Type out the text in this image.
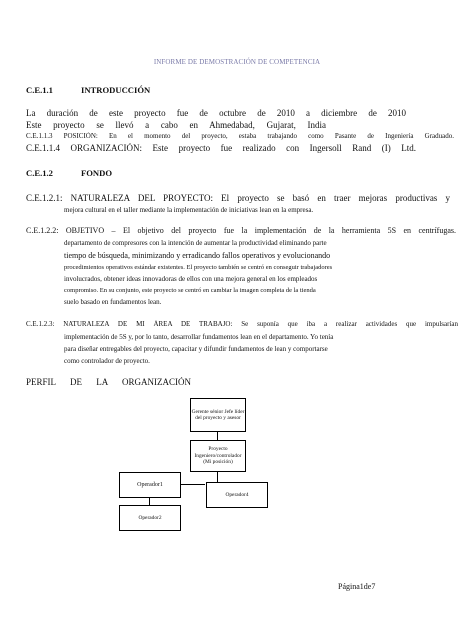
INFORME DE DEMOSTRACIÓN DE COMPETENCIA
C.E.1.1	INTRODUCCIÓN
La duración de este proyecto fue de octubre de 2010 a diciembre de 2010
Este proyecto se llevó a cabo en Ahmedabad, Gujarat, India
C.E.1.1.3 POSICIÓN: En el momento del proyecto, estaba trabajando como Pasante de Ingeniería Graduado.
C.E.1.1.4 ORGANIZACIÓN: Este proyecto fue realizado con Ingersoll Rand (I) Ltd.
C.E.1.2	FONDO
C.E.1.2.1: NATURALEZA DEL PROYECTO: El proyecto se basó en traer mejoras productivas y
mejora cultural en el taller mediante la implementación de iniciativas lean en la empresa.
C.E.1.2.2: OBJETIVO – El objetivo del proyecto fue la implementación de la herramienta 5S en centrífugas.
departamento de compresores con la intención de aumentar la productividad eliminando parte
tiempo de búsqueda, minimizando y erradicando fallos operativos y evolucionando
procedimientos operativos estándar existentes. El proyecto también se centró en conseguir trabajadores
involucrados, obtener ideas innovadoras de ellos con una mejora general en los empleados
compromiso. En su conjunto, este proyecto se centró en cambiar la imagen completa de la tienda
suelo basado en fundamentos lean.
C.E.1.2.3: NATURALEZA DE MI ÁREA DE TRABAJO: Se suponía que iba a realizar actividades que impulsarían
implementación de 5S y, por lo tanto, desarrollar fundamentos lean en el departamento. Yo tenía
para diseñar entregables del proyecto, capacitar y difundir fundamentos de lean y comportarse
como controlador de proyecto.
PERFIL DE LA ORGANIZACIÓN
Gerente sénior Jefe líder del proyecto y asesor
Proyecto Ingeniero/controlador (Mi posición)
Operador1
Operador4
Operador2
Página1de7
